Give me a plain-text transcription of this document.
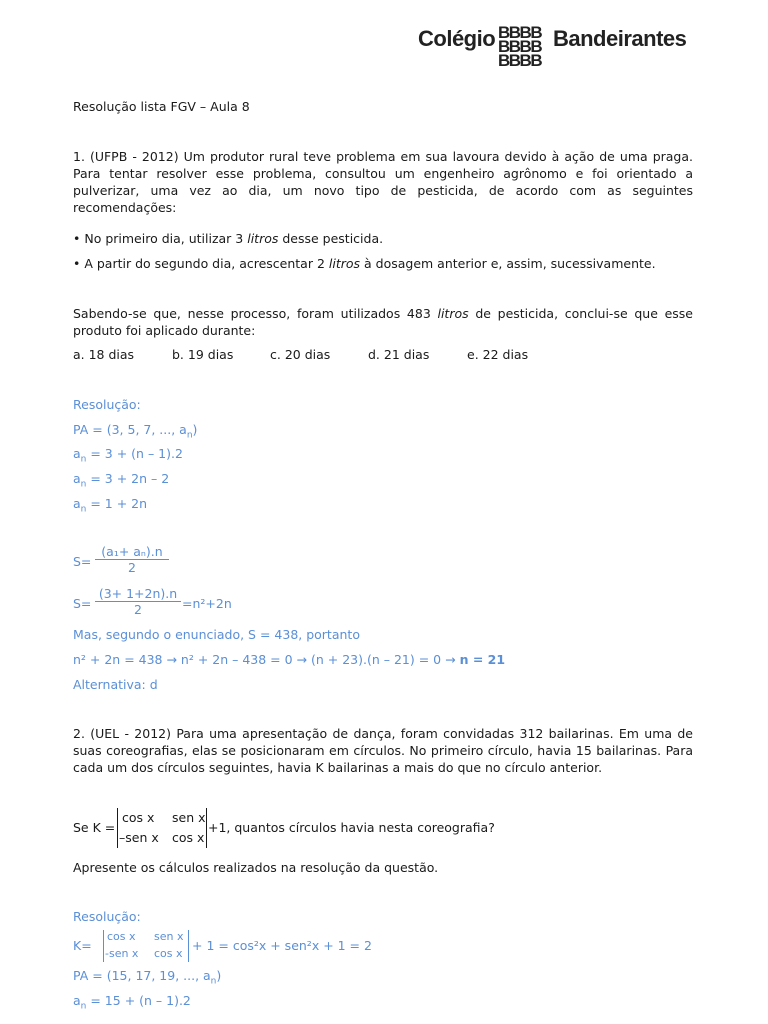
Colégio BBBB
BBBB
BBBB
Bandeirantes
Resolução lista FGV – Aula 8
1. (UFPB - 2012) Um produtor rural teve problema em sua lavoura devido à ação de uma praga. Para tentar resolver esse problema, consultou um engenheiro agrônomo e foi orientado a pulverizar, uma vez ao dia, um novo tipo de pesticida, de acordo com as seguintes recomendações:
• No primeiro dia, utilizar 3 litros desse pesticida.
• A partir do segundo dia, acrescentar 2 litros à dosagem anterior e, assim, sucessivamente.
Sabendo-se que, nesse processo, foram utilizados 483 litros de pesticida, conclui-se que esse produto foi aplicado durante:
a. 18 dias	b. 19 dias	c. 20 dias	d. 21 dias	e. 22 dias
Resolução:
PA = (3, 5, 7, ..., $a_n$)
$a_n = 3 + (n - 1).2$
$a_n = 3 + 2n - 2$
$a_n = 1 + 2n$
$S= \frac{\text{(a₁+ aₙ).n}}{2}$
$S= \frac{(3+ 1+2n).n}{2} =n^2+2n$
Mas, segundo o enunciado, S = 438, portanto
n² + 2n = 438 → n² + 2n – 438 = 0 → (n + 23).(n – 21) = 0 → n = 21
Alternativa: d
2. (UEL - 2012) Para uma apresentação de dança, foram convidadas 312 bailarinas. Em uma de suas coreografias, elas se posicionaram em círculos. No primeiro círculo, havia 15 bailarinas. Para cada um dos círculos seguintes, havia K bailarinas a mais do que no círculo anterior.
Se K =
cos x sen x
–sen x cos x
+1, quantos círculos havia nesta coreografia?
Apresente os cálculos realizados na resolução da questão.
Resolução:
K=
cos x sen x
-sen x cos x
+ 1 = cos²x + sen²x + 1 = 2
PA = (15, 17, 19, ..., $a_n$)
$a_n = 15 + (n - 1).2$
